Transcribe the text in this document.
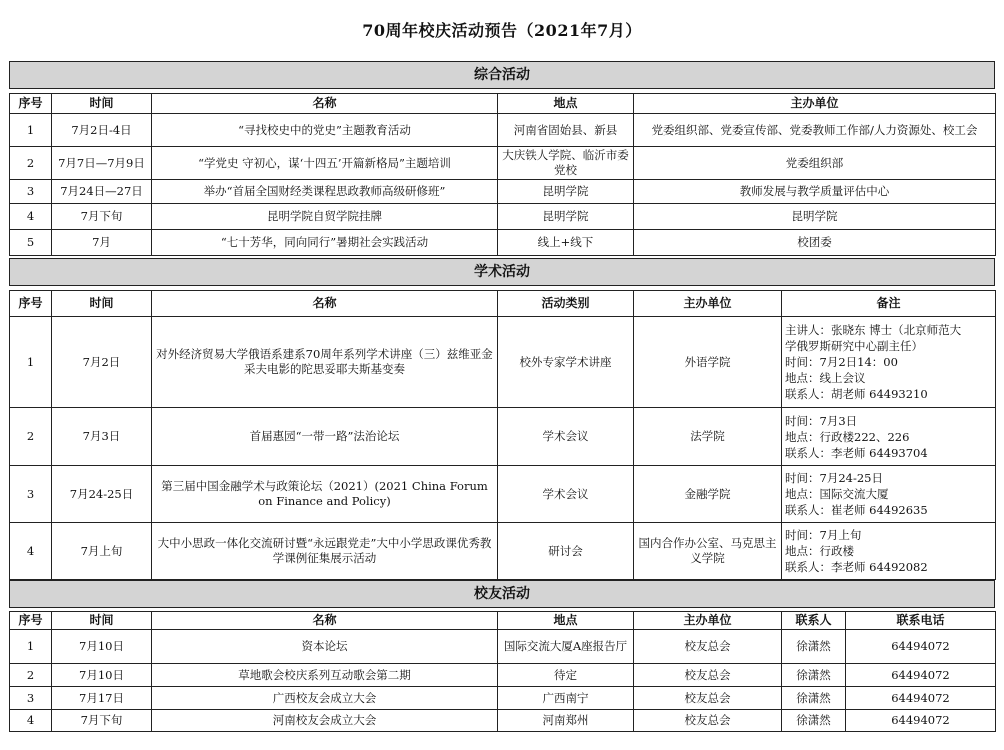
70周年校庆活动预告（2021年7月）
综合活动
序号	时间	名称	地点	主办单位
1	7月2日-4日	“寻找校史中的党史”主题教育活动	河南省固始县、新县	党委组织部、党委宣传部、党委教师工作部/人力资源处、校工会
2	7月7日—7月9日	“学党史 守初心，谋‘十四五’开篇新格局”主题培训	大庆铁人学院、临沂市委党校	党委组织部
3	7月24日—27日	举办“首届全国财经类课程思政教师高级研修班”	昆明学院	教师发展与教学质量评估中心
4	7月下旬	昆明学院自贸学院挂牌	昆明学院	昆明学院
5	7月	“七十芳华，同向同行”暑期社会实践活动	线上+线下	校团委
学术活动
序号	时间	名称	活动类别	主办单位	备注
1	7月2日	对外经济贸易大学俄语系建系70周年系列学术讲座（三）兹维亚金采夫电影的陀思妥耶夫斯基变奏	校外专家学术讲座	外语学院	主讲人：张晓东 博士（北京师范大
学俄罗斯研究中心副主任）
时间：7月2日14：00
地点：线上会议
联系人：胡老师 64493210

2	7月3日	首届惠园“一带一路”法治论坛	学术会议	法学院	时间：7月3日
地点：行政楼222、226
联系人：李老师 64493704

3	7月24-25日	第三届中国金融学术与政策论坛（2021）(2021 China Forum on Finance and Policy)	学术会议	金融学院	时间：7月24-25日
地点：国际交流大厦
联系人：崔老师 64492635

4	7月上旬	大中小思政一体化交流研讨暨“永远跟党走”大中小学思政课优秀教学课例征集展示活动	研讨会	国内合作办公室、马克思主义学院	时间：7月上旬
地点：行政楼
联系人：李老师 64492082
校友活动
序号	时间	名称	地点	主办单位	联系人	联系电话
1	7月10日	资本论坛	国际交流大厦A座报告厅	校友总会	徐潇然	64494072
2	7月10日	草地歌会校庆系列互动歌会第二期	待定	校友总会	徐潇然	64494072
3	7月17日	广西校友会成立大会	广西南宁	校友总会	徐潇然	64494072
4	7月下旬	河南校友会成立大会	河南郑州	校友总会	徐潇然	64494072
